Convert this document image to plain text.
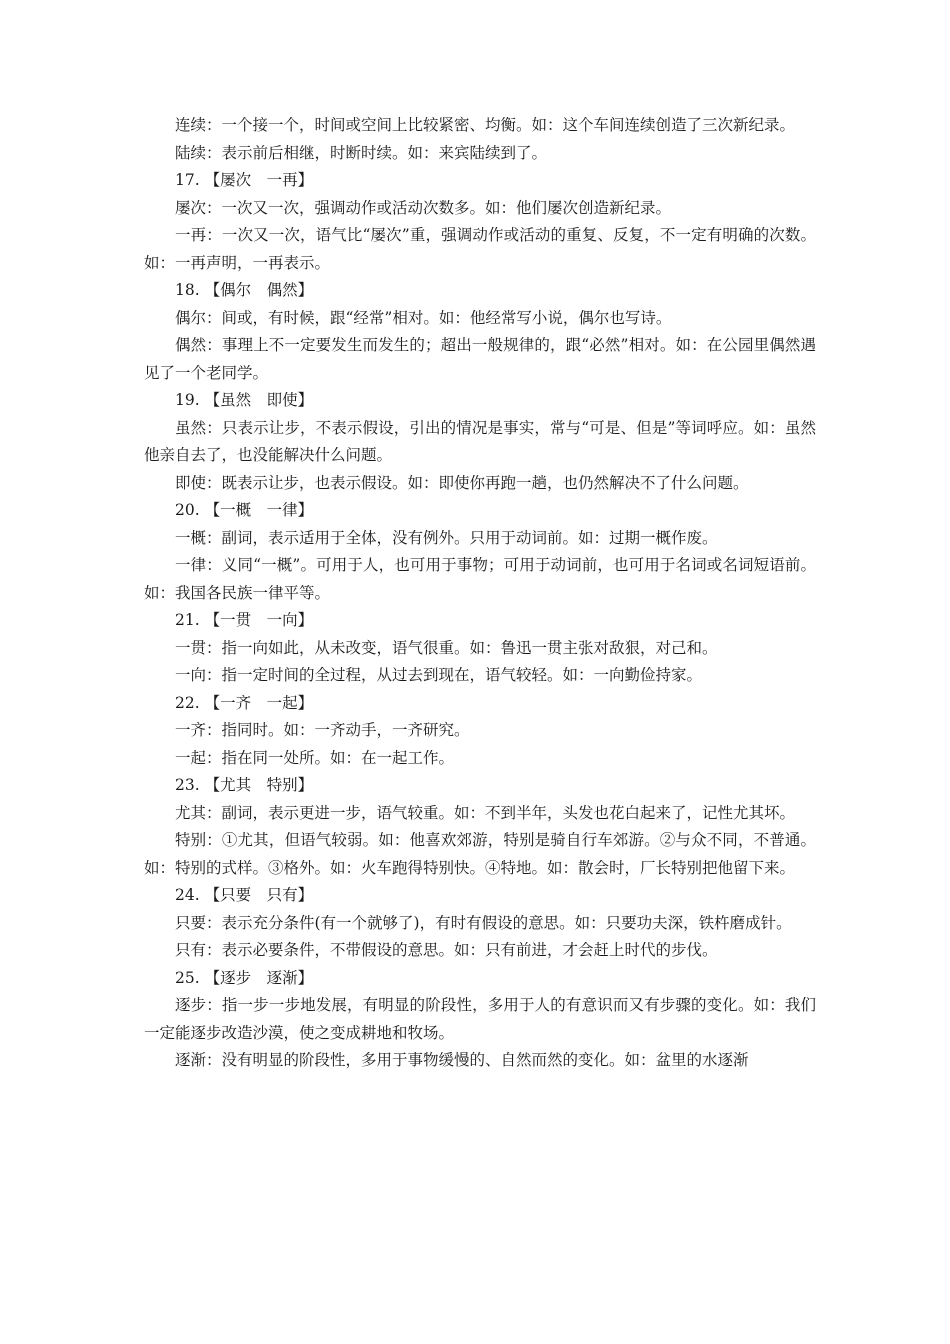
连续：一个接一个，时间或空间上比较紧密、均衡。如：这个车间连续创造了三次新纪录。

陆续：表示前后相继，时断时续。如：来宾陆续到了。

17. 【屡次　一再】

屡次：一次又一次，强调动作或活动次数多。如：他们屡次创造新纪录。

一再：一次又一次，语气比“屡次”重，强调动作或活动的重复、反复，不一定有明确的次数。如：一再声明，一再表示。

18. 【偶尔　偶然】

偶尔：间或，有时候，跟“经常”相对。如：他经常写小说，偶尔也写诗。

偶然：事理上不一定要发生而发生的；超出一般规律的，跟“必然”相对。如：在公园里偶然遇见了一个老同学。

19. 【虽然　即使】

虽然：只表示让步，不表示假设，引出的情况是事实，常与“可是、但是”等词呼应。如：虽然他亲自去了，也没能解决什么问题。

即使：既表示让步，也表示假设。如：即使你再跑一趟，也仍然解决不了什么问题。

20. 【一概　一律】

一概：副词，表示适用于全体，没有例外。只用于动词前。如：过期一概作废。

一律：义同“一概”。可用于人，也可用于事物；可用于动词前，也可用于名词或名词短语前。如：我国各民族一律平等。

21. 【一贯　一向】

一贯：指一向如此，从未改变，语气很重。如：鲁迅一贯主张对敌狠，对己和。

一向：指一定时间的全过程，从过去到现在，语气较轻。如：一向勤俭持家。

22. 【一齐　一起】

一齐：指同时。如：一齐动手，一齐研究。

一起：指在同一处所。如：在一起工作。

23. 【尤其　特别】

尤其：副词，表示更进一步，语气较重。如：不到半年，头发也花白起来了，记性尤其坏。

特别：①尤其，但语气较弱。如：他喜欢郊游，特别是骑自行车郊游。②与众不同，不普通。如：特别的式样。③格外。如：火车跑得特别快。④特地。如：散会时，厂长特别把他留下来。

24. 【只要　只有】

只要：表示充分条件(有一个就够了)，有时有假设的意思。如：只要功夫深，铁杵磨成针。

只有：表示必要条件，不带假设的意思。如：只有前进，才会赶上时代的步伐。

25. 【逐步　逐渐】

逐步：指一步一步地发展，有明显的阶段性，多用于人的有意识而又有步骤的变化。如：我们一定能逐步改造沙漠，使之变成耕地和牧场。

逐渐：没有明显的阶段性，多用于事物缓慢的、自然而然的变化。如：盆里的水逐渐
